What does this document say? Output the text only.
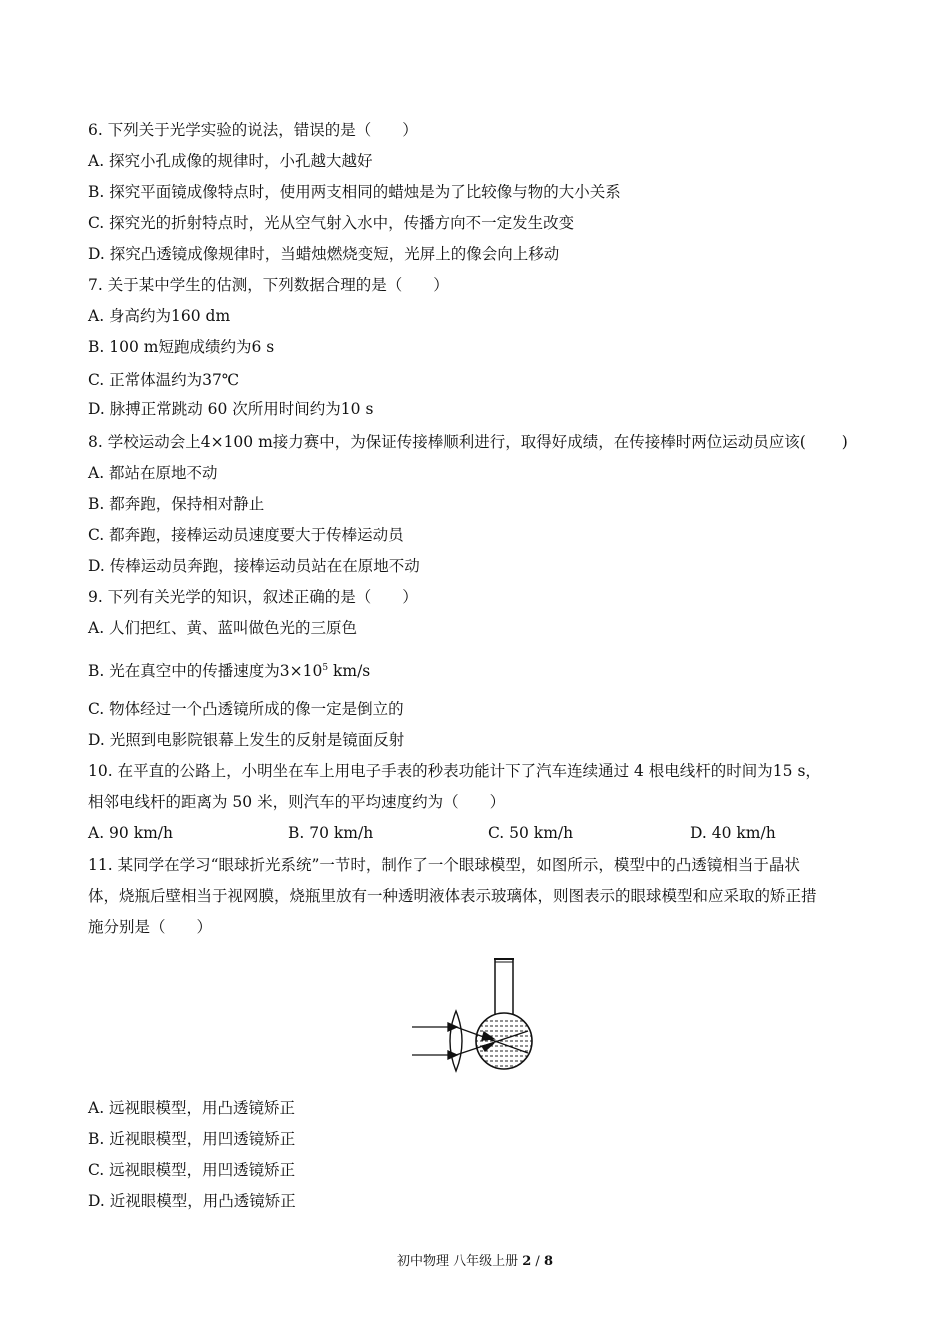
6. 下列关于光学实验的说法，错误的是（　　）
A. 探究小孔成像的规律时，小孔越大越好
B. 探究平面镜成像特点时，使用两支相同的蜡烛是为了比较像与物的大小关系
C. 探究光的折射特点时，光从空气射入水中，传播方向不一定发生改变
D. 探究凸透镜成像规律时，当蜡烛燃烧变短，光屏上的像会向上移动
7. 关于某中学生的估测，下列数据合理的是（　　）
A. 身高约为160 dm
B. 100 m短跑成绩约为6 s
C. 正常体温约为37℃
D. 脉搏正常跳动 60 次所用时间约为10 s
8. 学校运动会上4×100 m接力赛中，为保证传接棒顺利进行，取得好成绩，在传接棒时两位运动员应该(　　 )
A. 都站在原地不动
B. 都奔跑，保持相对静止
C. 都奔跑，接棒运动员速度要大于传棒运动员
D. 传棒运动员奔跑，接棒运动员站在在原地不动
9. 下列有关光学的知识，叙述正确的是（　　）
A. 人们把红、黄、蓝叫做色光的三原色
B. 光在真空中的传播速度为$3\times 10^5$ km/s
C. 物体经过一个凸透镜所成的像一定是倒立的
D. 光照到电影院银幕上发生的反射是镜面反射
10. 在平直的公路上，小明坐在车上用电子手表的秒表功能计下了汽车连续通过 4 根电线杆的时间为15 s，
相邻电线杆的距离为 50 米，则汽车的平均速度约为（　　）
A. 90 km/h	B. 70 km/h	C. 50 km/h	D. 40 km/h
11. 某同学在学习“眼球折光系统”一节时，制作了一个眼球模型，如图所示，模型中的凸透镜相当于晶状
体，烧瓶后壁相当于视网膜，烧瓶里放有一种透明液体表示玻璃体，则图表示的眼球模型和应采取的矫正措
施分别是（　　）
A. 远视眼模型，用凸透镜矫正
B. 近视眼模型，用凹透镜矫正
C. 远视眼模型，用凹透镜矫正
D. 近视眼模型，用凸透镜矫正
初中物理 八年级上册 2 / 8
